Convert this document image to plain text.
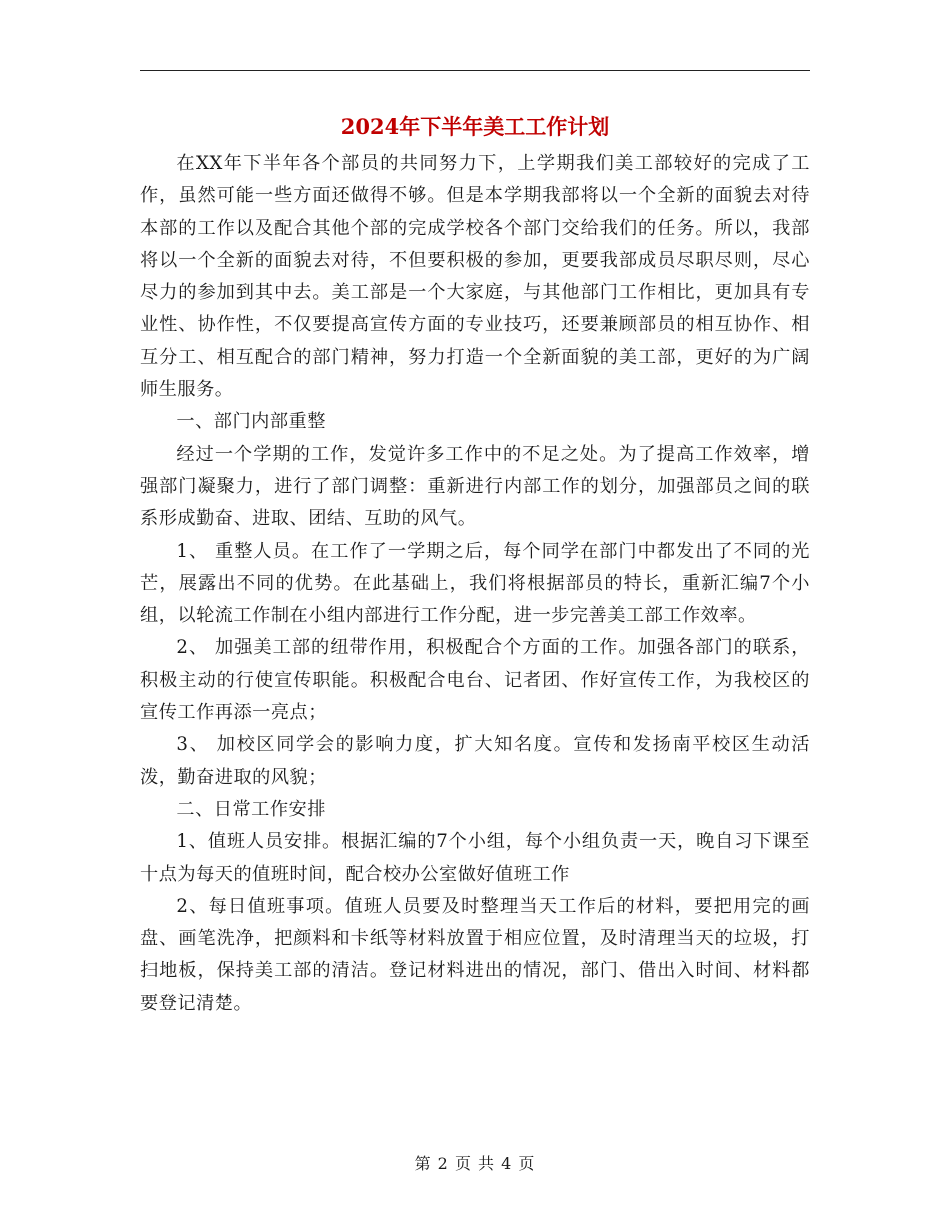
2024年下半年美工工作计划

在XX年下半年各个部员的共同努力下，上学期我们美工部较好的完成了工作，虽然可能一些方面还做得不够。但是本学期我部将以一个全新的面貌去对待本部的工作以及配合其他个部的完成学校各个部门交给我们的任务。所以，我部将以一个全新的面貌去对待，不但要积极的参加，更要我部成员尽职尽则，尽心尽力的参加到其中去。美工部是一个大家庭，与其他部门工作相比，更加具有专业性、协作性，不仅要提高宣传方面的专业技巧，还要兼顾部员的相互协作、相互分工、相互配合的部门精神，努力打造一个全新面貌的美工部，更好的为广阔师生服务。

一、部门内部重整

经过一个学期的工作，发觉许多工作中的不足之处。为了提高工作效率，增强部门凝聚力，进行了部门调整：重新进行内部工作的划分，加强部员之间的联系形成勤奋、进取、团结、互助的风气。

1、 重整人员。在工作了一学期之后，每个同学在部门中都发出了不同的光芒，展露出不同的优势。在此基础上，我们将根据部员的特长，重新汇编7个小组，以轮流工作制在小组内部进行工作分配，进一步完善美工部工作效率。

2、 加强美工部的纽带作用，积极配合个方面的工作。加强各部门的联系，积极主动的行使宣传职能。积极配合电台、记者团、作好宣传工作，为我校区的宣传工作再添一亮点；

3、 加校区同学会的影响力度，扩大知名度。宣传和发扬南平校区生动活泼，勤奋进取的风貌；

二、日常工作安排

1、值班人员安排。根据汇编的7个小组，每个小组负责一天，晚自习下课至十点为每天的值班时间，配合校办公室做好值班工作

2、每日值班事项。值班人员要及时整理当天工作后的材料，要把用完的画盘、画笔洗净，把颜料和卡纸等材料放置于相应位置，及时清理当天的垃圾，打扫地板，保持美工部的清洁。登记材料进出的情况，部门、借出入时间、材料都要登记清楚。

第 2 页 共 4 页
